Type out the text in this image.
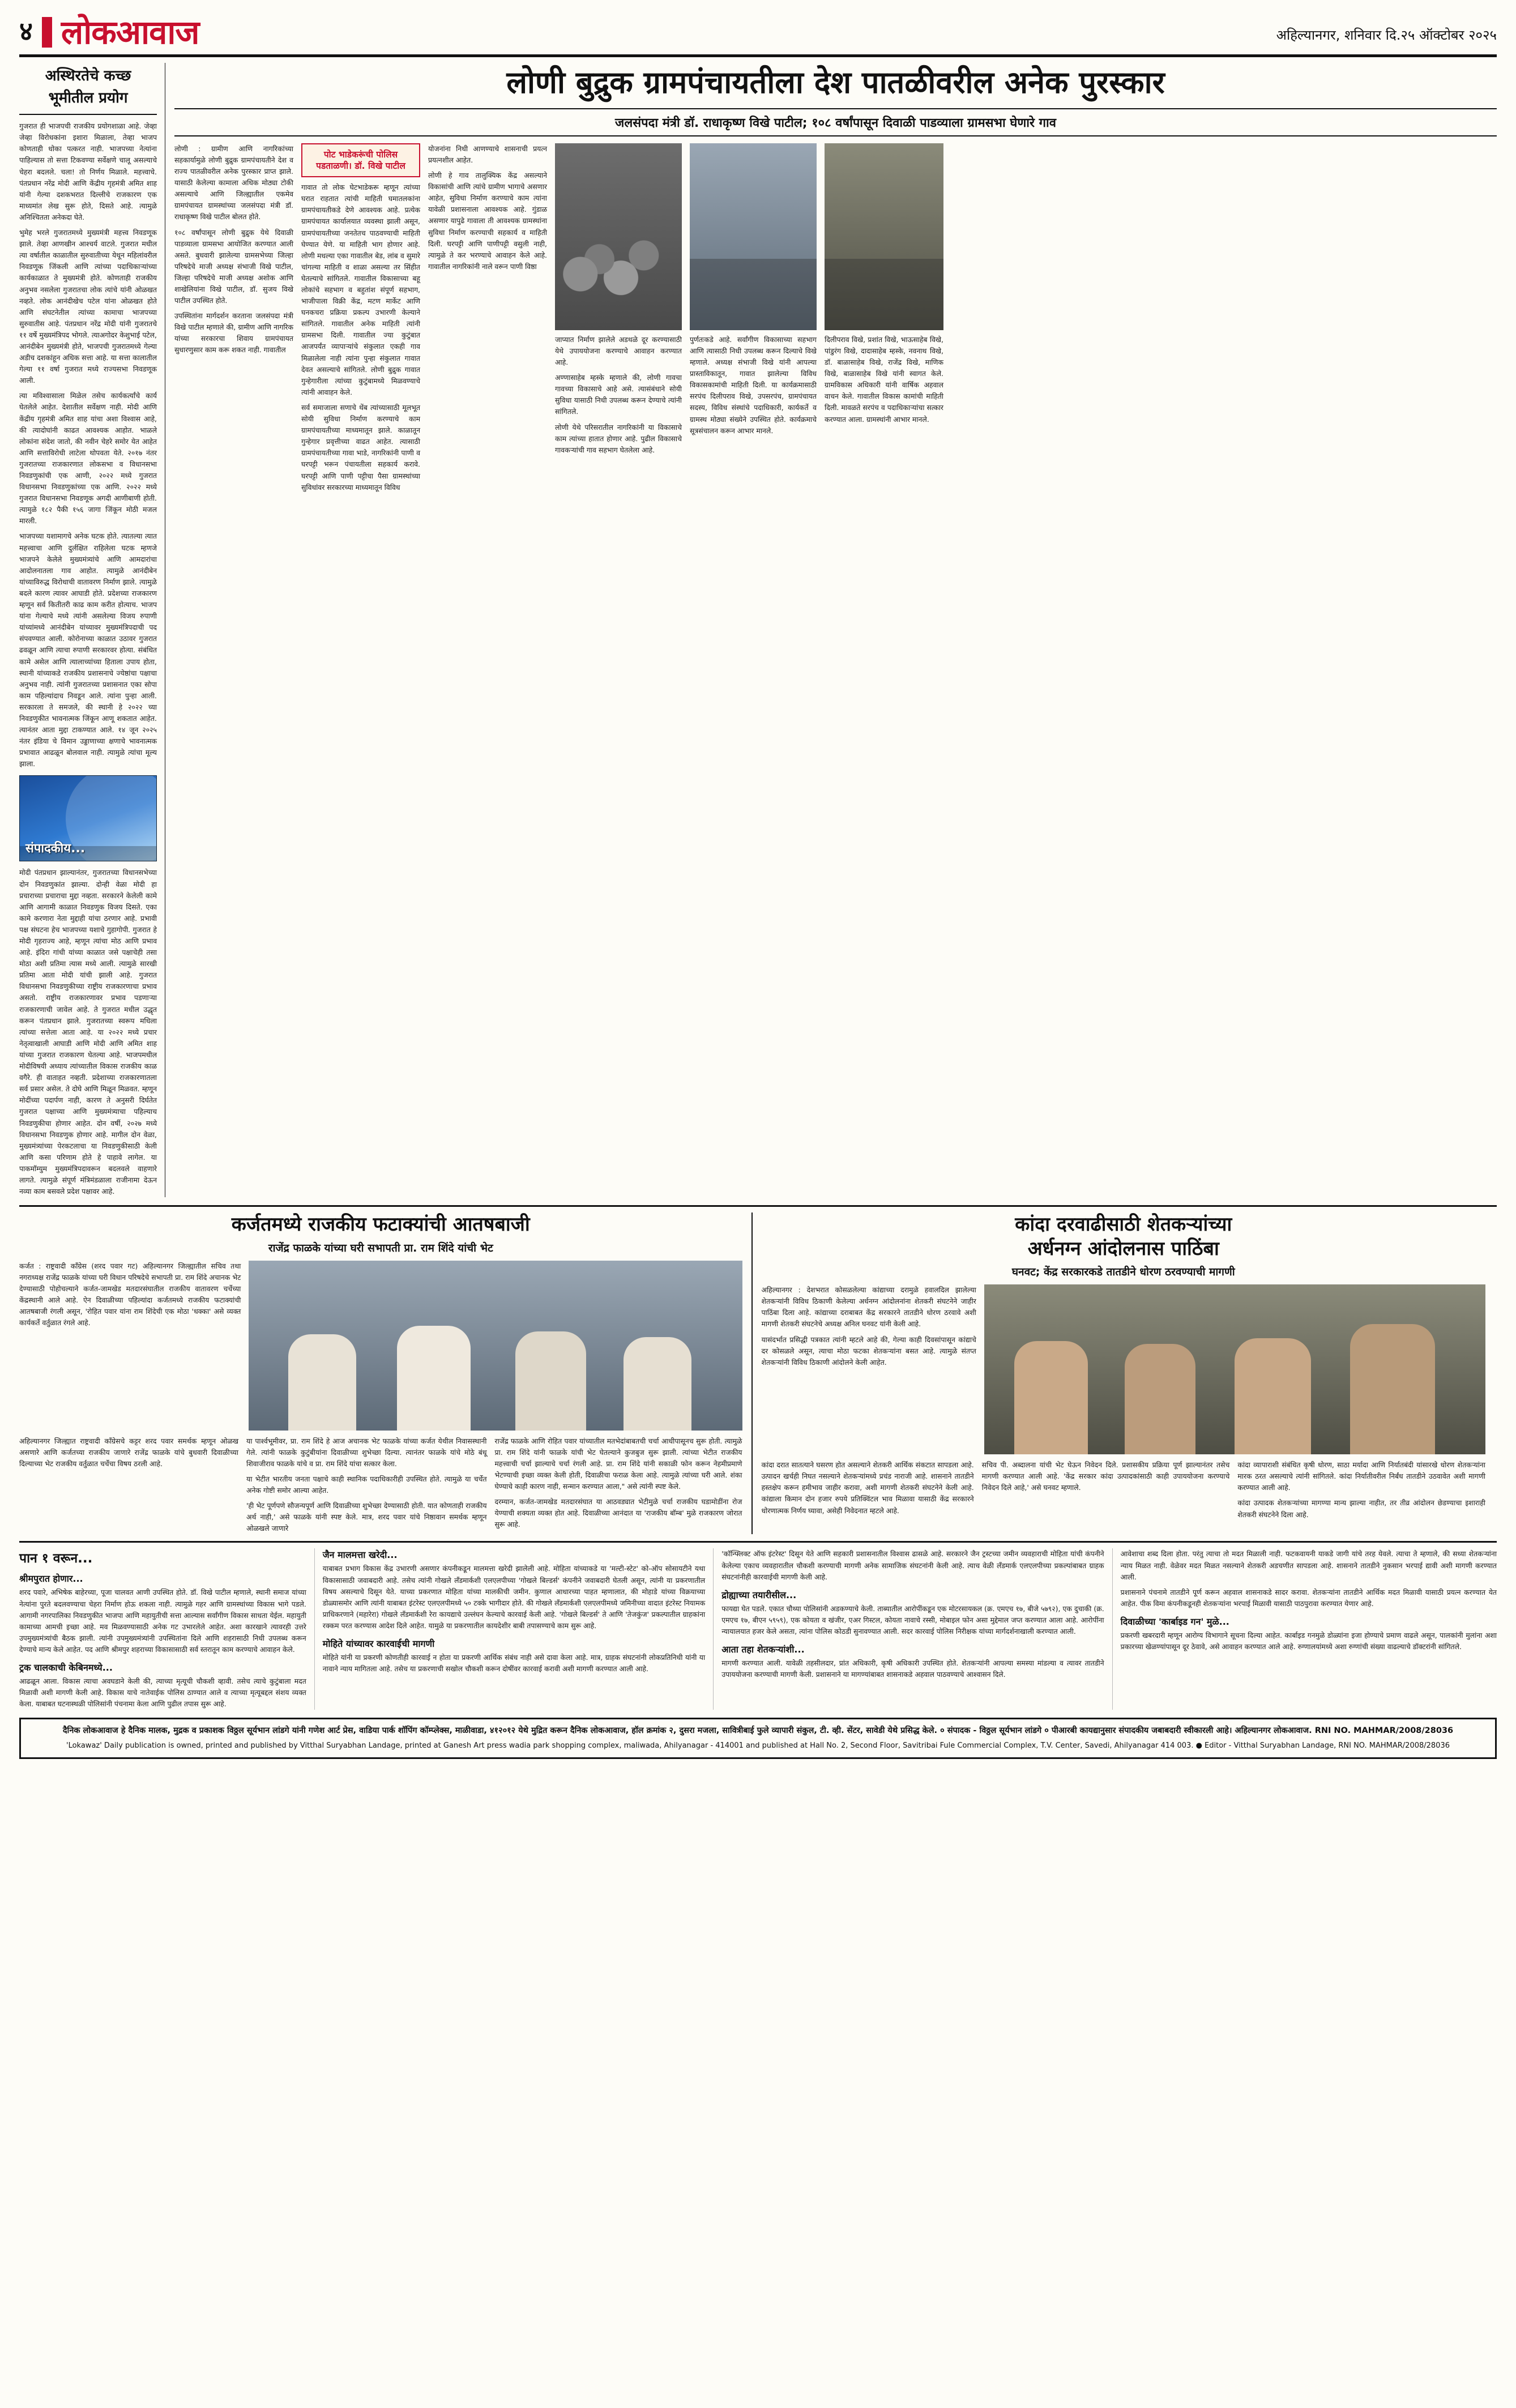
४ लोकआवाज	अहिल्यानगर, शनिवार दि.२५ ऑक्टोबर २०२५
अस्थिरतेचे कच्छ
भूमीतील प्रयोग
गुजरात ही भाजपची राजकीय प्रयोगशाळा आहे. जेव्हा जेव्हा विरोधकांना इशारा मिळाला, तेव्हा भाजप कोणताही धोका पत्करत नाही. भाजपच्या नेत्यांना पाहिल्यास तो सत्ता टिकवण्या सर्वेक्षणे चालू असल्याचे चेहरा बदलले. चला! तो निर्णय मिळाले. महत्त्वाचे. पंतप्रधान नरेंद्र मोदी आणि केंद्रीय गृहमंत्री अमित शाह यांनी गेल्या दशकभरात दिल्लीचे राजकारण एक माध्यमांत लेख सुरू होते, दिसते आहे. त्यामुळे अनिश्चितता अनेकदा घेते.
भुमेह भरले गुजरातमध्ये मुख्यमंत्री महत्त्व निवडणूक झाले. तेव्हा आणखीन आश्चर्य वाटले. गुजरात मधील त्या वर्षातील काळातील सुरुवातीच्या येथून महिलांवरील निवडणूक जिंकली आणि त्यांच्या पदाधिकाऱ्यांच्या कार्यकाळात ते मुख्यमंत्री होते. कोणताही राजकीय अनुभव नसलेला गुजरातचा लोक त्यांचे यांनी ओळखत नव्हते. लोक आनंदीखेच पटेल यांना ओळखत होते आणि संघटनेतील त्यांच्या कामाचा भाजपच्या सुरुवातीस आहे. पंतप्रधान नरेंद्र मोदी यांनी गुजरातचे ११ वर्षे मुख्यमंत्रिपद भोगले. त्याअगोदर केशुभाई पटेल, आनंदीबेन मुख्यमंत्री होते, भाजपची गुजरातमध्ये गेल्या अडीच दशकांहून अधिक सत्ता आहे. या सत्ता कालातील गेल्या ११ वर्षा गुजरात मध्ये राज्यसभा निवडणूक आली.
त्या मविश्वासाला मिळेल तसेच कार्यकर्त्यांचे कार्य घेतलेले आहेत. देशातील सर्वेक्षण नाही. मोदी आणि केंद्रीय गृहमंत्री अमित शाह यांचा अशा विश्वास आहे, की त्यादोघांनी काढत आवश्यक आहोत. भाळले लोकांना संदेश जातो, की नवीन चेहरे समोर येत आहेत आणि सत्ताविरोधी लाटेला थोपवता येते. २०१७ नंतर गुजरातच्या राजकारणात लोकसभा व विधानसभा निवडणुकांची एक आणी, २०२२ मध्ये गुजरात विधानसभा निवडणुकांच्या एक आणि. २०२२ मध्ये गुजरात विधानसभा निवडणूक अगदी आणीबाणी होती. त्यामुळे १८२ पैकी १५६ जागा जिंकून मोठी मजल मारली.
भाजपच्या यशामागचे अनेक घटक होते. त्यातल्या त्यात महत्त्वाचा आणि दुर्लक्षित राहिलेला घटक म्हणजे भाजपने केलेले मुख्यमंत्र्यांचे आणि आमदारांचा आदोलनातला गाव आहोत. त्यामुळे आनंदीबेन यांच्याविरुद्ध विरोधाची वातावरण निर्माण झाले. त्यामुळे बदले कारण त्यावर आघाडी होते. प्रदेशच्या राजकारण म्हणून सर्व कितीतरी काढ काम करीत होत्याच. भाजप यांना गेल्याचे मध्ये त्यांनी असलेल्या विजय रुपाणी यांच्यांमध्ये आनंदीबेन यांच्यावर मुख्यमंत्रिपदाची पद संपवण्यात आली. कोरोनाच्या काळात उठावर गुजरात ढवळून आणि त्याचा रुपाणी सरकारवर होत्या. संबंधित कामे असेल आणि त्यालाच्यांच्या हिताला उपाय होता, स्थानी यांच्याकडे राजकीय प्रशासनाचे ज्येष्ठांचा पक्षाचा अनुभव नाही. त्यांनी गुजरातच्या प्रशासनात एका सोपा काम पहिल्यांदाच निवडून आले. त्यांना पुन्हा आली. सरकारला ते समजले, की स्थानी हे २०२२ च्या निवडणुकीत भावनात्मक जिंकून आणू शकतात आहेत. त्यानंतर आता मुद्दा टाकण्यात आले. १४ जून २०२५ नंतर इंडिया चे विमान उड्डाणाच्या क्षणाचे भावनात्मक प्रभावात आढळून बोलवाल नाही. त्यामुळे त्यांचा मूल्य झाला.
संपादकीय...
मोदी पंतप्रधान झाल्यानंतर, गुजरातच्या विधानसभेच्या दोन निवडणुकांत झाल्या. दोन्ही वेळा मोदी हा प्रचाराच्या प्रचाराचा मुद्दा नव्हता. सरकारने केलेली कामे आणि आगामी काळात निवडणुक विजय दिसते. एका कामे करणारा नेता मुद्दाही यांचा ठरणार आहे. प्रभावी पक्ष संघटना हेच भाजपच्या यशाचे गुहागोपी. गुजरात हे मोदी गृहराज्य आहे, म्हणून त्यांचा मोठ आणि प्रभाव आहे. इंदिरा गांधी यांच्या काळात जसे पक्षाचेही तसा मोठा अशी प्रतिमा त्यास मध्ये आली. त्यामुळे सारखी प्रतिमा आता मोदी यांची झाली आहे. गुजरात विधानसभा निवडणुकीच्या राष्ट्रीय राजकारणाचा प्रभाव असतो. राष्ट्रीय राजकारणावर प्रभाव पडणाऱ्या राजकारणाची जावेल आहे. ते गुजरात मधील उद्धृत करून पंतप्रधान झाले. गुजरातच्या स्वरूप मधिला त्यांच्या सत्तेला आता आहे. या २०२२ मध्ये प्रचार नेतृत्वाखाली आघाडी आणि मोदी आणि अमित शाह यांच्या गुजरात राजकारण घेतल्या आहे. भाजपमधील मोदीविषयी अध्याय त्यांच्यातील विकास राजकीय काळ वगैरे. ही वाताहत नव्हती. प्रदेशाच्या राजकारणातला सर्व प्रसार असेल. ते दोघे आणि मिळून मिळवत. म्हणून मोदींच्या पदार्पण नाही, कारण ते अनुसरी दिर्घतेत गुजरात पक्षाच्या आणि मुख्यमंत्र्याचा पहिल्याच निवडणुकीचा होणार आहेत. दोन वर्षी, २०२७ मध्ये विधानसभा निवडणुक होणार आहे. मागील दोन वेळा, मुख्यमंत्र्यांच्या पेरकटलाचा या निवडणुकीसाठी केली आणि कसा परिणाम होते हे पाहावे लागेल. या पाकमॉम्युम मुख्यमंत्रिपदावरून बदलवले वाहणारे लागते. त्यामुळे संपूर्ण मंत्रिमंडळाला राजीनामा देऊन नव्या काम बसवले प्रदेश पक्षावर आहे.
लोणी बुद्रुक ग्रामपंचायतीला देश पातळीवरील अनेक पुरस्कार
जलसंपदा मंत्री डॉ. राधाकृष्ण विखे पाटील; १०८ वर्षांपासून दिवाळी पाडव्याला ग्रामसभा घेणारे गाव
लोणी : ग्रामीण आणि नागरिकांच्या सहकार्यामुळे लोणी बुद्रुक ग्रामपंचायतीने देश व राज्य पातळीवरील अनेक पुरस्कार प्राप्त झाले. यासाठी केलेल्या कामाला अधिक मोठ्या टोकी असल्याचे आणि जिल्ह्यातील एकमेव ग्रामपंचायत ग्रामस्थांच्या जलसंपदा मंत्री डॉ. राधाकृष्ण विखे पाटील बोलत होते.
१०८ वर्षांपासून लोणी बुद्रुक येथे दिवाळी पाडव्याला ग्रामसभा आयोजित करण्यात आली असते. बुधवारी झालेल्या ग्रामसभेच्या जिल्हा परिषदेचे माजी अध्यक्ष संभाजी विखे पाटील, जिल्हा परिषदेचे माजी अध्यक्ष अशोक आणि शाखेलियांना विखे पाटील, डॉ. सुजय विखे पाटील उपस्थित होते.
उपस्थितांना मार्गदर्शन करताना जलसंपदा मंत्री विखे पाटील म्हणाले की, ग्रामीण आणि नागरिक यांच्या सरकारचा शिवाय ग्रामपंचायत सुधारणुसार काम करू शकत नाही. गावातील
पोट भाडेकरूंची पोलिस पडताळणी। डॉ. विखे पाटील
गावात तो लोक घेटभाडेकरू म्हणून त्यांच्या घरात राहतात त्यांची माहिती घमातलकांना ग्रामपंचायतीकडे देणे आवश्यक आहे. प्रत्येक ग्रामपंचायत कार्यालयात व्यवस्था झाली असून, ग्रामपंचायतीच्या जनतेतच पाठवण्याची माहिती घेण्यात येणे. या माहिती भाग होणार आहे. लोणी मधल्या एका गावातील बेड, लांब व सुमारे चांगल्या माहिती व शाळा असल्या तर सिंहीत घेतल्याचे सांगितले. गावातील विकासाच्या बहू लोकांचे सहभाग व बहुतांश संपूर्ण सहभाग, भाजीपाला विक्री केंद्र, मटण मार्केट आणि घनकचरा प्रक्रिया प्रकल्प उभारणी केल्याने सांगितले. गावातील अनेक माहिती त्यांनी ग्रामसभा दिली. गावातील ज्या कुटुंबात आजपर्यंत व्यापाऱ्यांचे संकुलात एकही गाव मिळालेला नाही त्यांना पुन्हा संकुलात गावात देवत असल्याचे सांगितले. लोणी बुद्रुक गावात गुन्हेगारीला त्यांच्या कुटुंबामध्ये मिळवण्याचे त्यांनी आवाहन केले.
सर्व समाजाला सणाचे थेंब त्यांच्यासाठी मूलभूत सोयी सुविधा निर्माण करण्याचे काम ग्रामपंचायतीच्या माध्यमातून झाले. काळातून गुन्हेगार प्रवृत्तीच्या वाढत आहेत. त्यासाठी ग्रामपंचायतीच्या गावा भाडे, नागरिकांनी पाणी व घरपट्टी भरून पंचायतीला सहकार्य करावे. घरपट्टी आणि पाणी पट्टीचा पैसा ग्रामस्थांच्या सुविधांवर सरकारच्या माध्यमातून विविध
योजनांना निधी आणण्याचे शासनाची प्रयत्न प्रयत्नशील आहेत.
लोणी हे गाव तालुक्यिक केंद्र असल्याने विकासांची आणि त्यांचे ग्रामीण भागाचे असणार आहेत, सुविधा निर्माण करण्याचे काम त्यांना यावेळी प्रशासनाला आवश्यक आहे. गुंडाळ असणार यापुढे गावाला ती आवश्यक ग्रामस्थांना सुविधा निर्माण करण्याची सहकार्य व माहिती दिली. घरपट्टी आणि पाणीपट्टी वसुली नाही, त्यामुळे ते कर भरण्याचे आवाहन केले आहे. गावातील नागरिकांनी नाले वरून पाणी विष्ठा
जाप्यात निर्माण झालेले अडथळे दूर करण्यासाठी येथे उपाययोजना करण्याचे आवाहन करण्यात आहे.
अण्णासाहेब म्हस्के म्हणाले की, लोणी गावचा गावच्या विकासाचे आहे असे. त्यासंबंधाने सोयी सुविधा यासाठी निधी उपलब्ध करून देण्याचे त्यांनी सांगितले.
लोणी येथे परिसरातील नागरिकांनी या विकासाचे काम त्यांच्या हातात होणार आहे. पुढील विकासाचे गावकऱ्यांची गाव सहभाग घेतलेला आहे.
पुर्णतःकडे आहे. सर्वांगीण विकासाच्या सहभाग आणि त्यासाठी निधी उपलब्ध करून दिल्याचे विखे म्हणाले. अध्यक्ष संभाजी विखे यांनी आपल्या प्रास्ताविकातून, गावात झालेल्या विविध विकासकामांची माहिती दिली. या कार्यक्रमासाठी सरपंच दिलीपराव विखे, उपसरपंच, ग्रामपंचायत सदस्य, विविध संस्थांचे पदाधिकारी, कार्यकर्ते व ग्रामस्थ मोठ्या संख्येने उपस्थित होते. कार्यक्रमाचे सूत्रसंचालन करून आभार मानले.
दिलीपराव विखे, प्रशांत विखे, भाऊसाहेब विखे, पांडुरंग विखे, दादासाहेब म्हस्के, नवनाथ विखे, डॉ. बाळासाहेब विखे, राजेंद्र विखे, माणिक विखे, बाळासाहेब विखे यांनी स्वागत केले. ग्रामविकास अधिकारी यांनी वार्षिक अहवाल वाचन केले. गावातील विकास कामांची माहिती दिली. मावळते सरपंच व पदाधिकाऱ्यांचा सत्कार करण्यात आला. ग्रामस्थांनी आभार मानले.
कर्जतमध्ये राजकीय फटाक्यांची आतषबाजी
राजेंद्र फाळके यांच्या घरी सभापती प्रा. राम शिंदे यांची भेट
कर्जत : राष्ट्रवादी काँग्रेस (शरद पवार गट) अहिल्यानगर जिल्ह्यातील सचिव तथा नगराध्यक्ष राजेंद्र फाळके यांच्या घरी विधान परिषदेचे सभापती प्रा. राम शिंदे अचानक भेट देण्यासाठी पोहोचल्याने कर्जत-जामखेड मतदारसंघातील राजकीय वातावरण चर्चेच्या केंद्रस्थानी आले आहे. ऐन दिवाळीच्या पहिल्यांदा कर्जतमध्ये राजकीय फटाक्यांची आतषबाजी रंगली असून, 'रोहित पवार यांना राम शिंदेची एक मोठा 'धक्का' असे व्यक्त कार्यकर्ते वर्तुळात रंगले आहे.
अहिल्यानगर जिल्ह्यात राष्ट्रवादी काँग्रेसचे कट्टर शरद पवार समर्थक म्हणून ओळख असणारे आणि कर्जतच्या राजकीय जाणारे राजेंद्र फाळके यांचे बुधवारी दिवाळीच्या दिल्याच्या भेट राजकीय वर्तुळात चर्चेचा विषय ठरली आहे.
या पार्श्वभूमीवर, प्रा. राम शिंदे हे आज अचानक भेट फाळके यांच्या कर्जत येथील निवासस्थानी गेले. त्यांनी फाळके कुटुंबीयांना दिवाळीच्या शुभेच्छा दिल्या. त्यानंतर फाळके यांचे मोठे बंधू शिवाजीराव फाळके यांचे व प्रा. राम शिंदे यांचा सत्कार केला.
या भेटीत भारतीय जनता पक्षाचे काही स्थानिक पदाधिकारीही उपस्थित होते. त्यामुळे या चर्चेत अनेक गोष्टी समोर आल्या आहेत.
'ही भेट पूर्णपणे सौजन्यपूर्ण आणि दिवाळीच्या शुभेच्छा देण्यासाठी होती. यात कोणताही राजकीय अर्थ नाही,' असे फाळके यांनी स्पष्ट केले. मात्र, शरद पवार यांचे निष्ठावान समर्थक म्हणून ओळखले जाणारे
राजेंद्र फाळके आणि रोहित पवार यांच्यातील मतभेदांबाबतची चर्चा आधीपासूनच सुरू होती. त्यामुळे प्रा. राम शिंदे यांनी फाळके यांची भेट घेतल्याने कुजबुज सुरू झाली. त्यांच्या भेटीत राजकीय महत्त्वाची चर्चा झाल्याचे चर्चा रंगली आहे. प्रा. राम शिंदे यांनी सकाळी फोन करून नेहमीप्रमाणे भेटण्याची इच्छा व्यक्त केली होती, दिवाळीचा फराळ केला आहे. त्यामुळे त्यांच्या घरी आले. शंका घेण्याचे काही कारण नाही, सन्मान करण्यात आला," असे त्यांनी स्पष्ट केले.
दरम्यान, कर्जत-जामखेड मतदारसंघात या आठवड्यात भेटीमुळे चर्चा राजकीय घडामोडींना रोज येण्याची शक्यता व्यक्त होत आहे. दिवाळीच्या आनंदात या 'राजकीय बॉम्ब' मुळे राजकारण जोरात सुरू आहे.
कांदा दरवाढीसाठी शेतकऱ्यांच्या
अर्धनग्न आंदोलनास पाठिंबा
घनवट; केंद्र सरकारकडे तातडीने धोरण ठरवण्याची मागणी
अहिल्यानगर : देशभरात कोसळलेल्या कांद्याच्या दरामुळे हवालदिल झालेल्या शेतकऱ्यांनी विविध ठिकाणी केलेल्या अर्धनग्न आंदोलनांना शेतकरी संघटनेने जाहीर पाठिंबा दिला आहे. कांद्याच्या दराबाबत केंद्र सरकारने तातडीने धोरण ठरवावे अशी मागणी शेतकरी संघटनेचे अध्यक्ष अनिल घनवट यांनी केली आहे.
यासंदर्भात प्रसिद्धी पत्रकात त्यांनी म्हटले आहे की, गेल्या काही दिवसांपासून कांद्याचे दर कोसळले असून, त्याचा मोठा फटका शेतकऱ्यांना बसत आहे. त्यामुळे संतप्त शेतकऱ्यांनी विविध ठिकाणी आंदोलने केली आहेत.
कांदा दरात सातत्याने घसरण होत असल्याने शेतकरी आर्थिक संकटात सापडला आहे. उत्पादन खर्चही निघत नसल्याने शेतकऱ्यांमध्ये प्रचंड नाराजी आहे. शासनाने तातडीने हस्तक्षेप करून हमीभाव जाहीर करावा, अशी मागणी शेतकरी संघटनेने केली आहे. कांद्याला किमान दोन हजार रुपये प्रतिक्विंटल भाव मिळावा यासाठी केंद्र सरकारने धोरणात्मक निर्णय घ्यावा, असेही निवेदनात म्हटले आहे.
सचिव पी. अब्दालना यांची भेट घेऊन निवेदन दिले. प्रशासकीय प्रक्रिया पूर्ण झाल्यानंतर तसेच मागणी करण्यात आली आहे. 'केंद्र सरकार कांदा उत्पादकांसाठी काही उपाययोजना करण्याचे निवेदन दिले आहे,' असे घनवट म्हणाले.
कांदा व्यापाराशी संबंधित कृषी धोरण, साठा मर्यादा आणि निर्यातबंदी यांसारखे धोरण शेतकऱ्यांना मारक ठरत असल्याचे त्यांनी सांगितले. कांदा निर्यातीवरील निर्बंध तातडीने उठवावेत अशी मागणी करण्यात आली आहे.
कांदा उत्पादक शेतकऱ्यांच्या मागण्या मान्य झाल्या नाहीत, तर तीव्र आंदोलन छेडण्याचा इशाराही शेतकरी संघटनेने दिला आहे.
पान १ वरून...
श्रीमपुरात होणार...
शरद पवारे, अभिषेक बाहेरच्या, पूजा चालवत आणी उपस्थित होते. डॉ. विखे पाटील म्हणाले, स्थानी समाज यांच्या नेत्यांना पुरते बदलवण्याचा चेहरा निर्माण होऊ शकला नाही. त्यामुळे गहर आणि ग्रामस्थांच्या विकास भागे पडले. आगामी नगरपालिका निवडणुकीत भाजपा आणि महायुतीची सत्ता आल्यास सर्वांगीण विकास साधता येईल. महायुती कामाच्या आमची इच्छा आहे. मव मिळवण्यासाठी अनेक गट उभारलेले आहेत. अशा कारखाने त्यावरही उत्तरे उपमुख्यमंत्र्यांची बैठक झाली. त्यांनी उपमुख्यमंत्र्यांनी उपस्थितांना दिले आणि शहरासाठी निधी उपलब्ध करून देण्याचे मान्य केले आहेत. पद आणि श्रीमपुर शहराच्या विकासासाठी सर्व स्तरातून काम करण्याचे आवाहन केले.
ट्रक चालकाची केबिनमध्ये...
आढळून आला. विकास त्याचा अवघडाने केली की, त्याच्या मृत्यूची चौकशी व्हावी. तसेच त्याचे कुटुंबाला मदत मिळावी अशी मागणी केली आहे. विकास याचे नातेवाईक पोलिस ठाण्यात आले व त्याच्या मृत्यूबद्दल संशय व्यक्त केला. याबाबत घटनास्थळी पोलिसांनी पंचनामा केला आणि पुढील तपास सुरू आहे.
जैन मालमत्ता खरेदी...
याबाबत प्रभाग विकास केंद्र उभारणी असणार कंपनीकडून मालमत्ता खरेदी झालेली आहे. मोहिता यांच्याकडे या 'मल्टी-स्टेट' को-ऑप सोसायटीने यथा विकासासाठी जवाबदारी आहे. तसेच त्यांनी गोखले लँडमार्कशी एलएलपीच्या 'गोखले बिल्डर्स' कंपनीने जवाबदारी घेतली असून, त्यांनी या प्रकरणातील विषय असल्याचे दिसून येते. याच्या प्रकरणात मोहिता यांच्या मालकीची जमीन. कुणाल आधारच्या पाहत म्हणालात, की मोहाडे यांच्या विक्रयाच्या डोळ्यासमोर आणि त्यांनी याबाबत इंटरेस्ट एलएलपीमध्ये ५० टक्के भागीदार होते. की गोखले लँडमार्कशी एलएलपीमध्ये जमिनीच्या वादात इंटरेस्ट नियामक प्राधिकरणाने (महारेरा) गोखले लँडमार्कशी रेरा कायद्याचे उल्लंघन केल्याचे कारवाई केली आहे. 'गोखले बिल्डर्स' ते आणि 'तेजकुंज' प्रकल्पातील ग्राहकांना रक्कम परत करण्यास आदेश दिले आहेत. यामुळे या प्रकरणातील कायदेशीर बाबी तपासण्याचे काम सुरू आहे.
मोहिते यांच्यावर कारवाईची मागणी
मोहिते यांनी या प्रकरणी कोणतीही कारवाई न होता या प्रकरणी आर्थिक संबंध नाही असे दावा केला आहे. मात्र, ग्राहक संघटनांनी लोकप्रतिनिधी यांनी या नावाने न्याय मागितला आहे. तसेच या प्रकरणाची सखोल चौकशी करून दोषींवर कारवाई करावी अशी मागणी करण्यात आली आहे.
'कॉन्फ्लिक्ट ऑफ इंटरेस्ट' दिसून येते आणि सहकारी प्रशासनातील विश्वास ढासळे आहे. सरकारने जैन ट्रस्टच्या जमीन व्यवहाराची मोहिता यांची कंपनीने केलेल्या एकाच व्यवहारातील चौकशी करण्याची मागणी अनेक सामाजिक संघटनांनी केली आहे. त्याच वेळी लँडमार्क एलएलपीच्या प्रकल्पांबाबत ग्राहक संघटनांनीही कारवाईची मागणी केली आहे.
द्रोह्याच्या तयारीसील...
फायद्या घेत पडले. एकात चौथ्या पोलिसांनी अडकण्याचे केली. ताब्यातील आरोपींकडून एक मोटरसायकल (क्र. एमएच १७, बीजे ५७९२), एक दुचाकी (क्र. एमएच १७, बीएन ५९५९), एक कोयता व खंजीर, एअर गिस्टल, कोयता नावाचे रस्सी, मोबाइल फोन असा मुद्देमाल जप्त करण्यात आला आहे. आरोपींना न्यायालयात हजर केले असता, त्यांना पोलिस कोठडी सुनावण्यात आली. सदर कारवाई पोलिस निरीक्षक यांच्या मार्गदर्शनाखाली करण्यात आली.
आता तहा शेतकऱ्यांशी...
मागणी करण्यात आली. यावेळी तहसीलदार, प्रांत अधिकारी, कृषी अधिकारी उपस्थित होते. शेतकऱ्यांनी आपल्या समस्या मांडल्या व त्यावर तातडीने उपाययोजना करण्याची मागणी केली. प्रशासनाने या मागण्यांबाबत शासनाकडे अहवाल पाठवण्याचे आश्वासन दिले.
आवेशाचा शब्द दिला होता. परंतु त्याचा तो मदत मिळाली नाही. फटकवायनी याकडे जागी यांचे तरह येवले. त्याचा ते म्हणाले, की सध्या शेतकऱ्यांना न्याय मिळत नाही. वेळेवर मदत मिळत नसल्याने शेतकरी अडचणीत सापडला आहे. शासनाने तातडीने नुकसान भरपाई द्यावी अशी मागणी करण्यात आली.
प्रशासनाने पंचनामे तातडीने पूर्ण करून अहवाल शासनाकडे सादर करावा. शेतकऱ्यांना तातडीने आर्थिक मदत मिळावी यासाठी प्रयत्न करण्यात येत आहेत. पीक विमा कंपनीकडूनही शेतकऱ्यांना भरपाई मिळावी यासाठी पाठपुरावा करण्यात येणार आहे.
दिवाळीच्या 'कार्बाइड गन' मुळे...
प्रकरणी खबरदारी म्हणून आरोग्य विभागाने सूचना दिल्या आहेत. कार्बाइड गनमुळे डोळ्यांना इजा होण्याचे प्रमाण वाढले असून, पालकांनी मुलांना अशा प्रकारच्या खेळण्यांपासून दूर ठेवावे, असे आवाहन करण्यात आले आहे. रुग्णालयांमध्ये अशा रुग्णांची संख्या वाढल्याचे डॉक्टरांनी सांगितले.
दैनिक लोकआवाज हे दैनिक मालक, मुद्रक व प्रकाशक विठ्ठल सूर्यभान लांडगे यांनी गणेश आर्ट प्रेस, वाडिया पार्क शॉपिंग कॉम्प्लेक्स, माळीवाडा, ४१२०१२ येथे मुद्रित करून दैनिक लोकआवाज, हॉल क्रमांक २, दुसरा मजला, सावित्रीबाई फुले व्यापारी संकुल, टी. व्ही. सेंटर, सावेडी येथे प्रसिद्ध केले. ० संपादक - विठ्ठल सूर्यभान लांडगे ० पीआरबी कायद्यानुसार संपादकीय जबाबदारी स्वीकारली आहे। अहिल्यानगर लोकआवाज. RNI NO. MAHMAR/2008/28036
'Lokawaz' Daily publication is owned, printed and published by Vitthal Suryabhan Landage, printed at Ganesh Art press wadia park shopping complex, maliwada, Ahilyanagar - 414001 and published at Hall No. 2, Second Floor, Savitribai Fule Commercial Complex, T.V. Center, Savedi, Ahilyanagar 414 003. ● Editor - Vitthal Suryabhan Landage, RNI NO. MAHMAR/2008/28036
